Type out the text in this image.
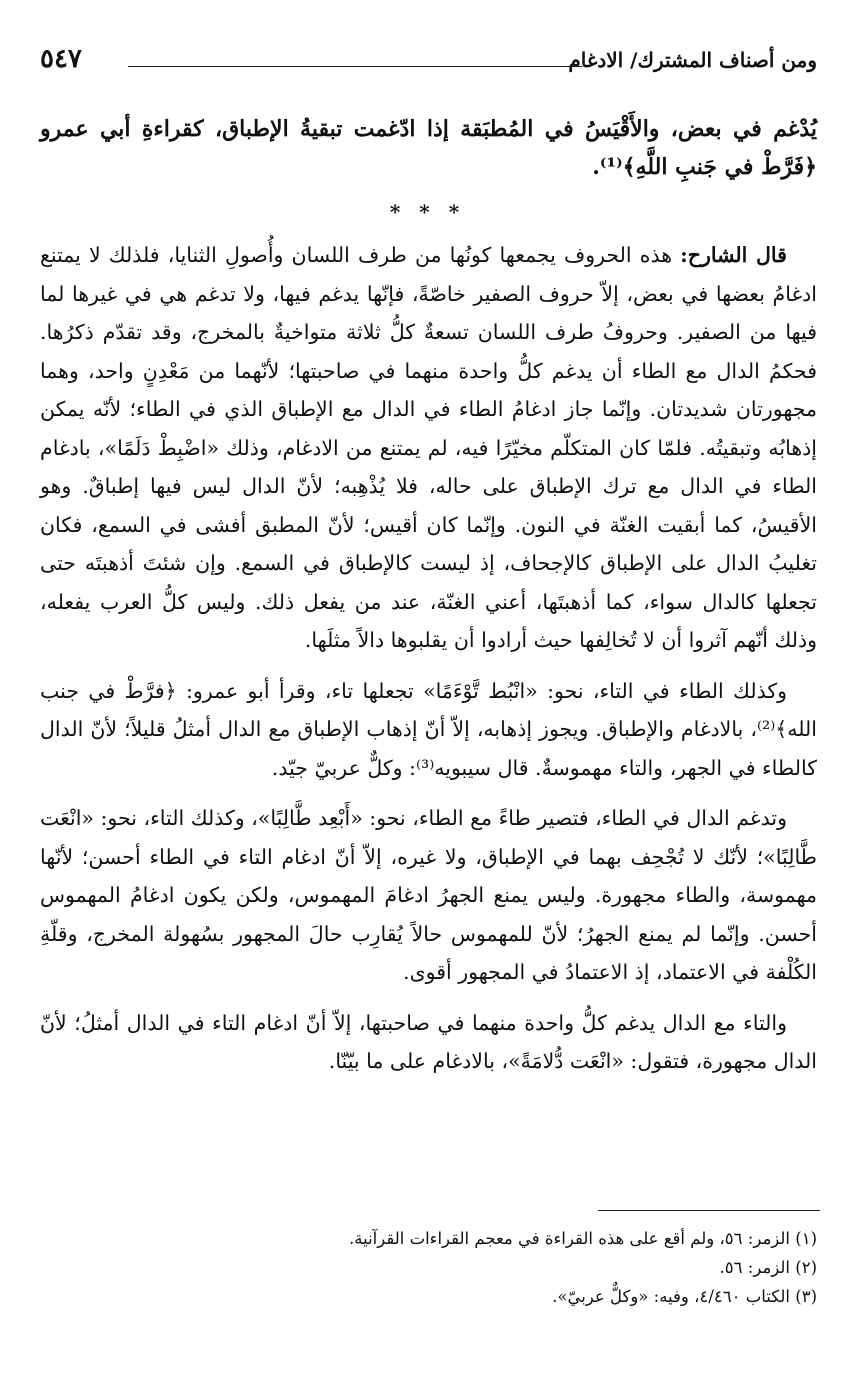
ومن أصناف المشترك/ الادغام
٥٤٧

يُدْغم في بعض، والأَقْيَسُ في المُطبَقة إذا ادّغمت تبقيةُ الإطباق، كقراءةِ أبي عمرو ﴿فَرَّطْ في جَنبِ اللَّهِ﴾⁽¹⁾.

* * *

قال الشارح: هذه الحروف يجمعها كونُها من طرف اللسان وأُصولِ الثنايا، فلذلك لا يمتنع ادغامُ بعضها في بعض، إلاّ حروف الصفير خاصّةً، فإنّها يدغم فيها، ولا تدغم هي في غيرها لما فيها من الصفير. وحروفُ طرف اللسان تسعةٌ كلُّ ثلاثة متواخيةٌ بالمخرج، وقد تقدّم ذكرُها. فحكمُ الدال مع الطاء أن يدغم كلُّ واحدة منهما في صاحبتها؛ لأنّهما من مَعْدِنٍ واحد، وهما مجهورتان شديدتان. وإنّما جاز ادغامُ الطاء في الدال مع الإطباق الذي في الطاء؛ لأنّه يمكن إذهابُه وتبقيتُه. فلمّا كان المتكلّم مخيّرًا فيه، لم يمتنع من الادغام، وذلك «اضْبِطْ دَلَمًا»، بادغام الطاء في الدال مع ترك الإطباق على حاله، فلا يُذْهِبه؛ لأنّ الدال ليس فيها إطباقٌ. وهو الأقيسُ، كما أبقيت الغنّة في النون. وإنّما كان أقيس؛ لأنّ المطبق أفشى في السمع، فكان تغليبُ الدال على الإطباق كالإجحاف، إذ ليست كالإطباق في السمع. وإن شئتَ أذهبتَه حتى تجعلها كالدال سواء، كما أذهبتَها، أعني الغنّة، عند من يفعل ذلك. وليس كلُّ العرب يفعله، وذلك أنّهم آثروا أن لا تُخالِفها حيث أرادوا أن يقلبوها دالاً مثلَها.

وكذلك الطاء في التاء، نحو: «انْبُط تَّوْءَمًا» تجعلها تاء، وقرأ أبو عمرو: ﴿فرَّطْ في جنب الله﴾⁽²⁾، بالادغام والإطباق. ويجوز إذهابه، إلاّ أنّ إذهاب الإطباق مع الدال أمثلُ قليلاً؛ لأنّ الدال كالطاء في الجهر، والتاء مهموسةٌ. قال سيبويه⁽³⁾: وكلٌّ عربيّ جيّد.

وتدغم الدال في الطاء، فتصير طاءً مع الطاء، نحو: «أَبْعِد طَّالِبًا»، وكذلك التاء، نحو: «انْعَت طَّالِبًا»؛ لأنّك لا تُجْحِف بهما في الإطباق، ولا غيره، إلاّ أنّ ادغام التاء في الطاء أحسن؛ لأنّها مهموسة، والطاء مجهورة. وليس يمنع الجهرُ ادغامَ المهموس، ولكن يكون ادغامُ المهموس أحسن. وإنّما لم يمنع الجهرُ؛ لأنّ للمهموس حالاً يُقارِب حالَ المجهور بسُهولة المخرج، وقلّةِ الكُلْفة في الاعتماد، إذ الاعتمادُ في المجهور أقوى.

والتاء مع الدال يدغم كلُّ واحدة منهما في صاحبتها، إلاّ أنّ ادغام التاء في الدال أمثلُ؛ لأنّ الدال مجهورة، فتقول: «انْعَت دُّلامَةً»، بالادغام على ما بيّنّا.

(١) الزمر: ٥٦، ولم أقع على هذه القراءة في معجم القراءات القرآنية.

(٢) الزمر: ٥٦.

(٣) الكتاب ٤/٤٦٠، وفيه: «وكلٌّ عربيّ».
